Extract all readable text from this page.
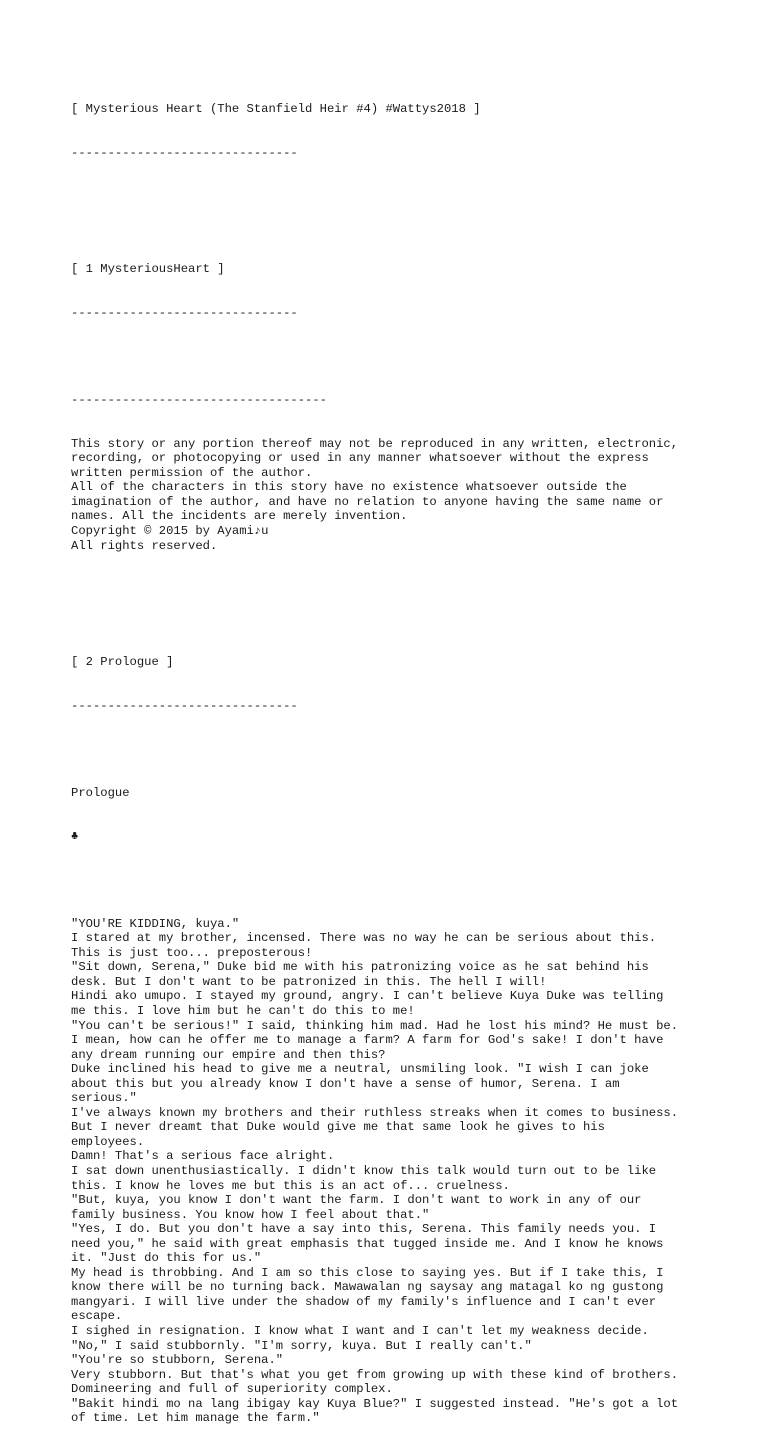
[ Mysterious Heart (The Stanfield Heir #4) #Wattys2018 ]

-------------------------------

[ 1 MysteriousHeart ]

-------------------------------

-----------------------------------

This story or any portion thereof may not be reproduced in any written, electronic,
recording, or photocopying or used in any manner whatsoever without the express
written permission of the author.
All of the characters in this story have no existence whatsoever outside the
imagination of the author, and have no relation to anyone having the same name or
names. All the incidents are merely invention.
Copyright © 2015 by Ayami♪u
All rights reserved.

[ 2 Prologue ]

-------------------------------

Prologue

♣

"YOU'RE KIDDING, kuya."
I stared at my brother, incensed. There was no way he can be serious about this.
This is just too... preposterous!
"Sit down, Serena," Duke bid me with his patronizing voice as he sat behind his
desk. But I don't want to be patronized in this. The hell I will!
Hindi ako umupo. I stayed my ground, angry. I can't believe Kuya Duke was telling
me this. I love him but he can't do this to me!
"You can't be serious!" I said, thinking him mad. Had he lost his mind? He must be.
I mean, how can he offer me to manage a farm? A farm for God's sake! I don't have
any dream running our empire and then this?
Duke inclined his head to give me a neutral, unsmiling look. "I wish I can joke
about this but you already know I don't have a sense of humor, Serena. I am
serious."
I've always known my brothers and their ruthless streaks when it comes to business.
But I never dreamt that Duke would give me that same look he gives to his
employees.
Damn! That's a serious face alright.
I sat down unenthusiastically. I didn't know this talk would turn out to be like
this. I know he loves me but this is an act of... cruelness.
"But, kuya, you know I don't want the farm. I don't want to work in any of our
family business. You know how I feel about that."
"Yes, I do. But you don't have a say into this, Serena. This family needs you. I
need you," he said with great emphasis that tugged inside me. And I know he knows
it. "Just do this for us."
My head is throbbing. And I am so this close to saying yes. But if I take this, I
know there will be no turning back. Mawawalan ng saysay ang matagal ko ng gustong
mangyari. I will live under the shadow of my family's influence and I can't ever
escape.
I sighed in resignation. I know what I want and I can't let my weakness decide.
"No," I said stubbornly. "I'm sorry, kuya. But I really can't."
"You're so stubborn, Serena."
Very stubborn. But that's what you get from growing up with these kind of brothers.
Domineering and full of superiority complex.
"Bakit hindi mo na lang ibigay kay Kuya Blue?" I suggested instead. "He's got a lot
of time. Let him manage the farm."
